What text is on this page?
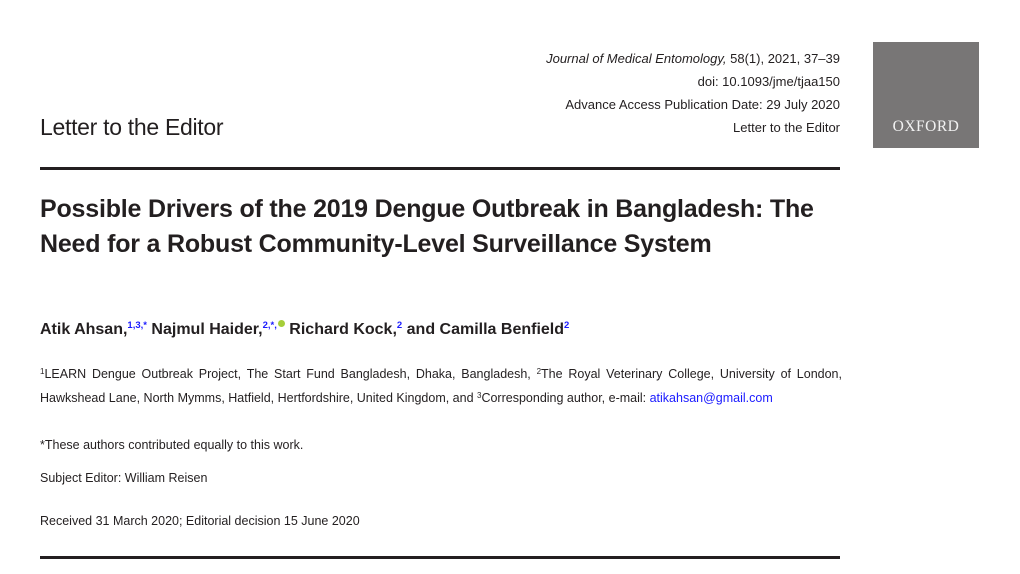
Journal of Medical Entomology, 58(1), 2021, 37–39
doi: 10.1093/jme/tjaa150
Advance Access Publication Date: 29 July 2020
Letter to the Editor	OXFORD
Letter to the Editor
Possible Drivers of the 2019 Dengue Outbreak in Bangladesh: The Need for a Robust Community-Level Surveillance System
Atik Ahsan,$^{1,3,*}$ Najmul Haider,$^{2,*,}$ Richard Kock,$^2$ and Camilla Benfield$^2$
$^1$LEARN Dengue Outbreak Project, The Start Fund Bangladesh, Dhaka, Bangladesh, $^2$The Royal Veterinary College, University of London, Hawkshead Lane, North Mymms, Hatfield, Hertfordshire, United Kingdom, and $^3$Corresponding author, e-mail: atikahsan@gmail.com
*These authors contributed equally to this work.
Subject Editor: William Reisen
Received 31 March 2020; Editorial decision 15 June 2020
